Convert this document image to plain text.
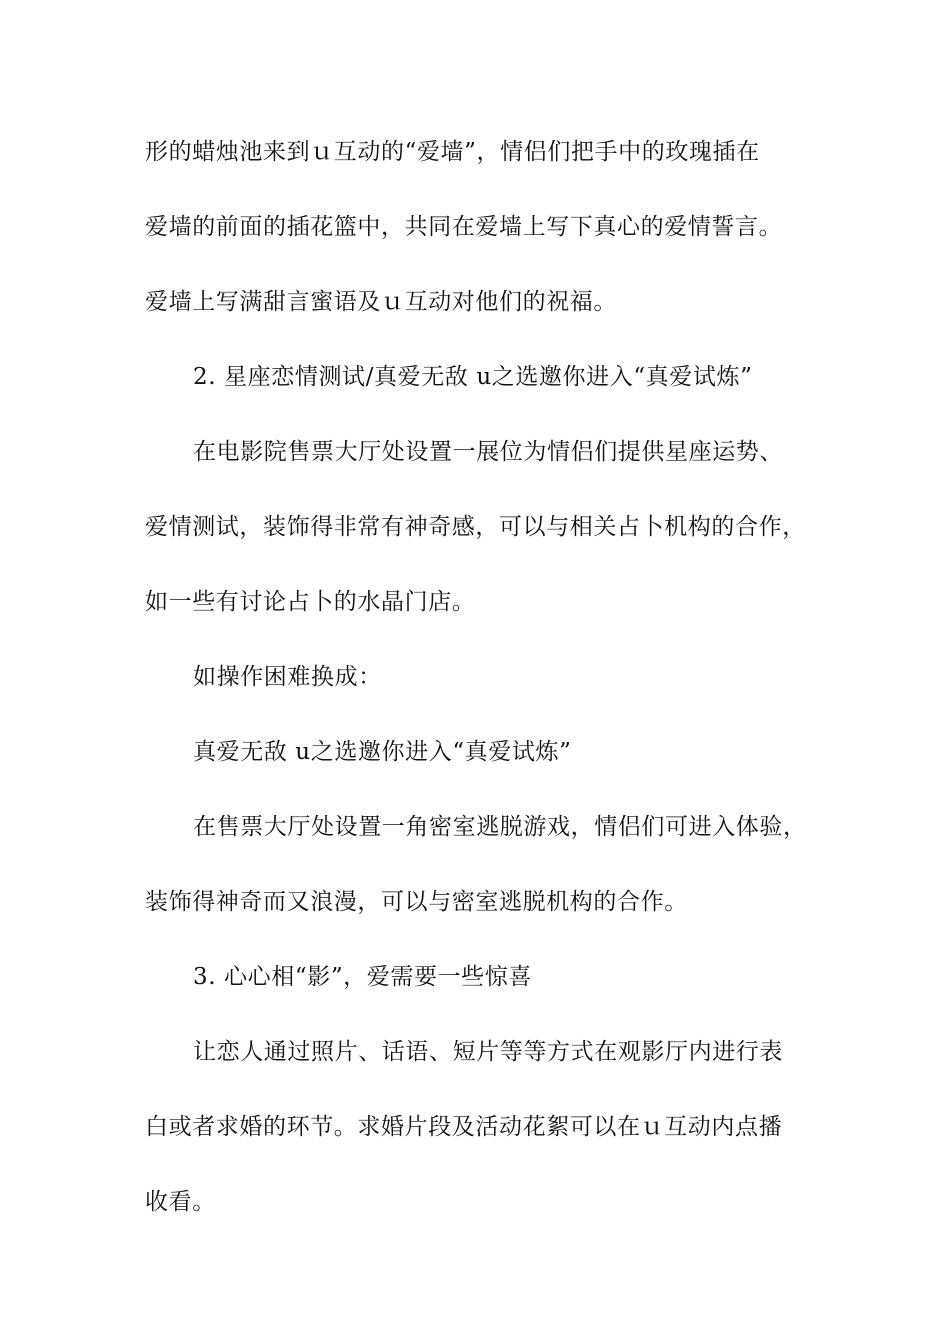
形的蜡烛池来到ｕ互动的“爱墙”，情侣们把手中的玫瑰插在
爱墙的前面的插花篮中，共同在爱墙上写下真心的爱情誓言。
爱墙上写满甜言蜜语及ｕ互动对他们的祝福。
2. 星座恋情测试/真爱无敌 u之选邀你进入“真爱试炼”
在电影院售票大厅处设置一展位为情侣们提供星座运势、
爱情测试，装饰得非常有神奇感，可以与相关占卜机构的合作，
如一些有讨论占卜的水晶门店。
如操作困难换成：
真爱无敌 u之选邀你进入“真爱试炼”
在售票大厅处设置一角密室逃脱游戏，情侣们可进入体验，
装饰得神奇而又浪漫，可以与密室逃脱机构的合作。
3. 心心相“影”，爱需要一些惊喜
让恋人通过照片、话语、短片等等方式在观影厅内进行表
白或者求婚的环节。求婚片段及活动花絮可以在ｕ互动内点播
收看。
